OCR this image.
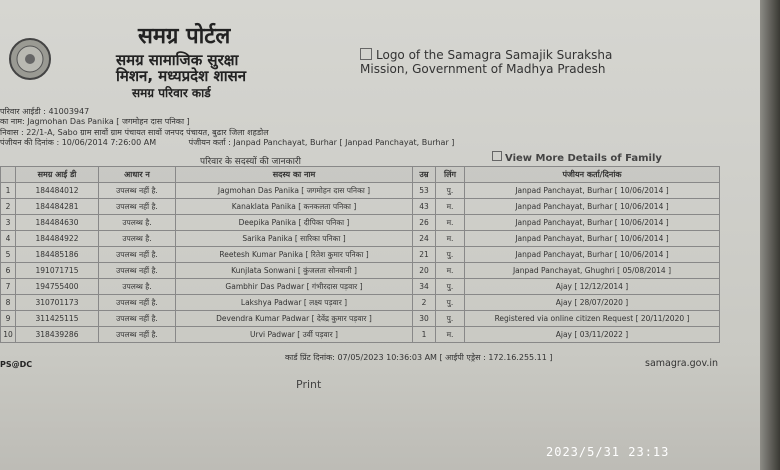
समग्र पोर्टल
समग्र सामाजिक सुरक्षा
मिशन, मध्यप्रदेश शासन
समग्र परिवार कार्ड
Logo of the Samagra Samajik Suraksha
Mission, Government of Madhya Pradesh
परिवार आईडी : 41003947
का नाम: Jagmohan Das Panika [ जगमोहन दास पनिका ]
निवास : 22/1-A, Sabo ग्राम सावों ग्राम पंचायत सावों जनपद पंचायत, बुढार जिला शहडोल
पंजीयन की दिनांक : 10/06/2014 7:26:00 AM	पंजीयन कर्ता : Janpad Panchayat, Burhar [ Janpad Panchayat, Burhar ]
परिवार के सदस्यों की जानकारी	View More Details of Family
	समग्र आई डी	आधार न	सदस्य का नाम	उम्र	लिंग	पंजीयन कर्ता/दिनांक
1	184484012	उपलब्ध नहीं है.	Jagmohan Das Panika [ जगमोहन दास पनिका ]	53	पु.	Janpad Panchayat, Burhar [ 10/06/2014 ]
2	184484281	उपलब्ध नहीं है.	Kanaklata Panika [ कनकलता पनिका ]	43	म.	Janpad Panchayat, Burhar [ 10/06/2014 ]
3	184484630	उपलब्ध है.	Deepika Panika [ दीपिका पनिका ]	26	म.	Janpad Panchayat, Burhar [ 10/06/2014 ]
4	184484922	उपलब्ध है.	Sarika Panika [ सारिका पनिका ]	24	म.	Janpad Panchayat, Burhar [ 10/06/2014 ]
5	184485186	उपलब्ध नहीं है.	Reetesh Kumar Panika [ रितेश कुमार पनिका ]	21	पु.	Janpad Panchayat, Burhar [ 10/06/2014 ]
6	191071715	उपलब्ध नहीं है.	Kunjlata Sonwani [ कुंजलता सोनवानी ]	20	म.	Janpad Panchayat, Ghughri [ 05/08/2014 ]
7	194755400	उपलब्ध है.	Gambhir Das Padwar [ गंभीरदास पड़वार ]	34	पु.	Ajay [ 12/12/2014 ]
8	310701173	उपलब्ध नहीं है.	Lakshya Padwar [ लक्ष्य पड़वार ]	2	पु.	Ajay [ 28/07/2020 ]
9	311425115	उपलब्ध नहीं है.	Devendra Kumar Padwar [ देवेंद्र कुमार पड़वार ]	30	पु.	Registered via online citizen Request [ 20/11/2020 ]
10	318439286	उपलब्ध नहीं है.	Urvi Padwar [ उर्वी पड़वार ]	1	म.	Ajay [ 03/11/2022 ]
PS@DC
कार्ड प्रिंट दिनांक: 07/05/2023 10:36:03 AM [ आईपी एड्रेस : 172.16.255.11 ]
samagra.gov.in
Print
2023/5/31 23:13
